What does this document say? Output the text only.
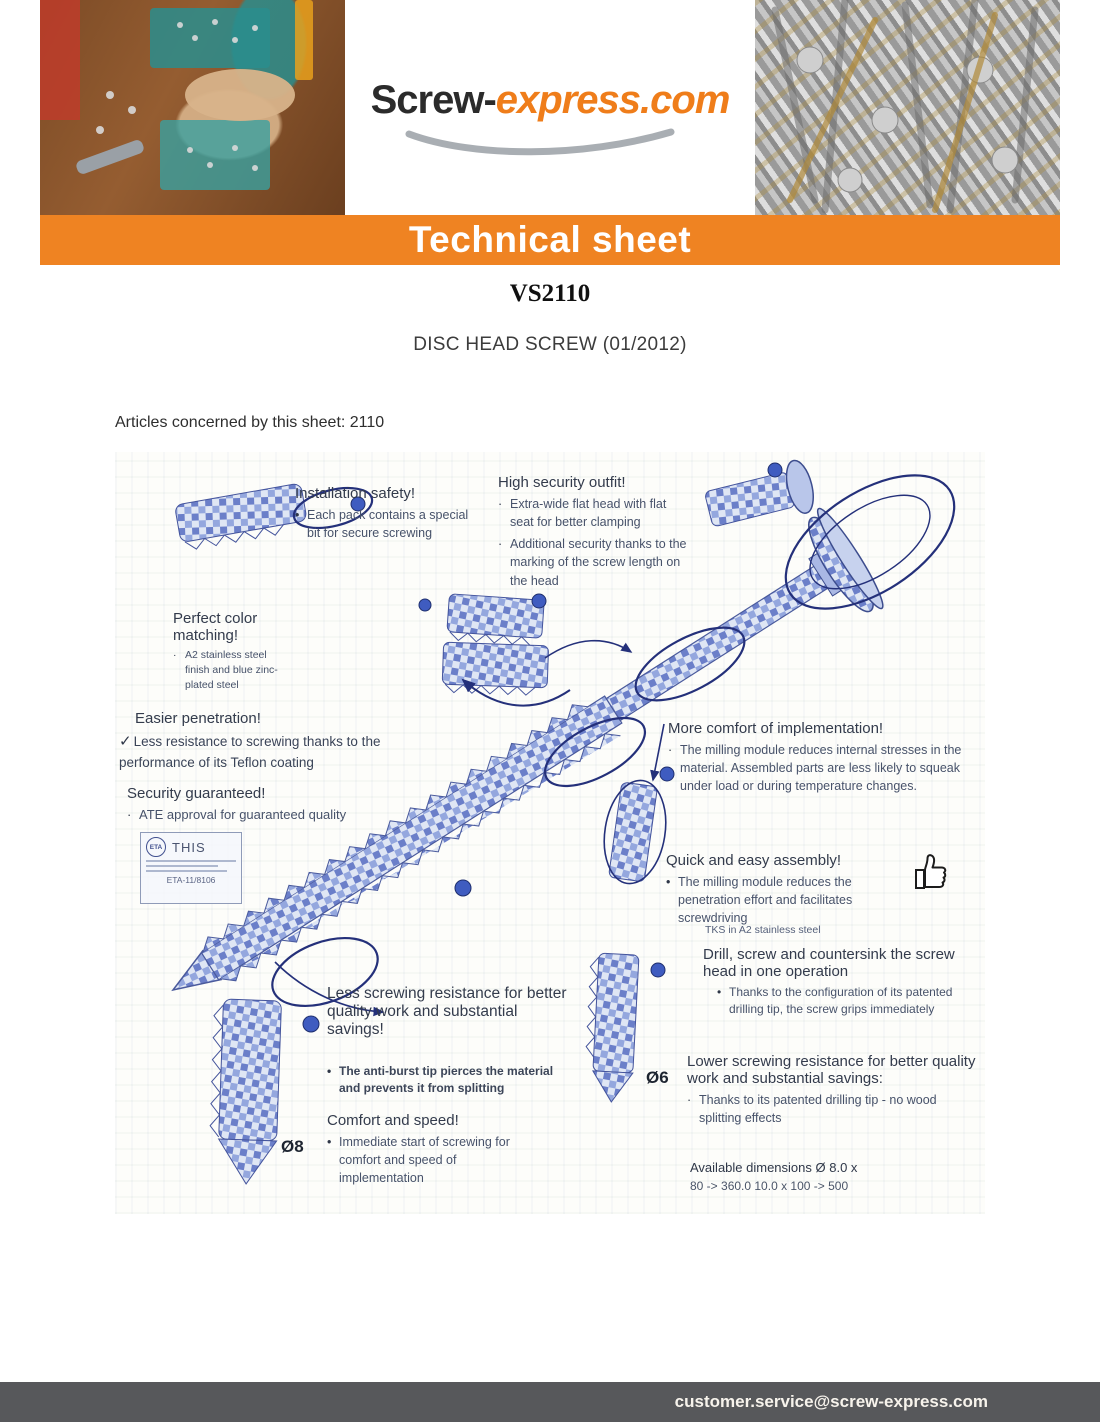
Screw-express.com
Technical sheet
VS2110
DISC HEAD SCREW (01/2012)
Articles concerned by this sheet: 2110
Installation safety!
• Each pack contains a special bit for secure screwing
High security outfit!
· Extra-wide flat head with flat seat for better clamping
· Additional security thanks to the marking of the screw length on the head
Perfect color matching!
· A2 stainless steel finish and blue zinc-plated steel
Easier penetration!
✓ Less resistance to screwing thanks to the performance of its Teflon coating
Security guaranteed!
· ATE approval for guaranteed quality
ETA THIS
ETA-11/8106
More comfort of implementation!
· The milling module reduces internal stresses in the material. Assembled parts are less likely to squeak under load or during temperature changes.
Quick and easy assembly!
• The milling module reduces the penetration effort and facilitates screwdriving
TKS in A2 stainless steel
Drill, screw and countersink the screw head in one operation
• Thanks to the configuration of its patented drilling tip, the screw grips immediately
Less screwing resistance for better quality work and substantial savings!
• The anti-burst tip pierces the material and prevents it from splitting
Comfort and speed!
• Immediate start of screwing for comfort and speed of implementation
Ø8
Ø6
Lower screwing resistance for better quality work and substantial savings:
· Thanks to its patented drilling tip - no wood splitting effects
Available dimensions Ø 8.0 x
80 -> 360.0 10.0 x 100 -> 500
customer.service@screw-express.com
